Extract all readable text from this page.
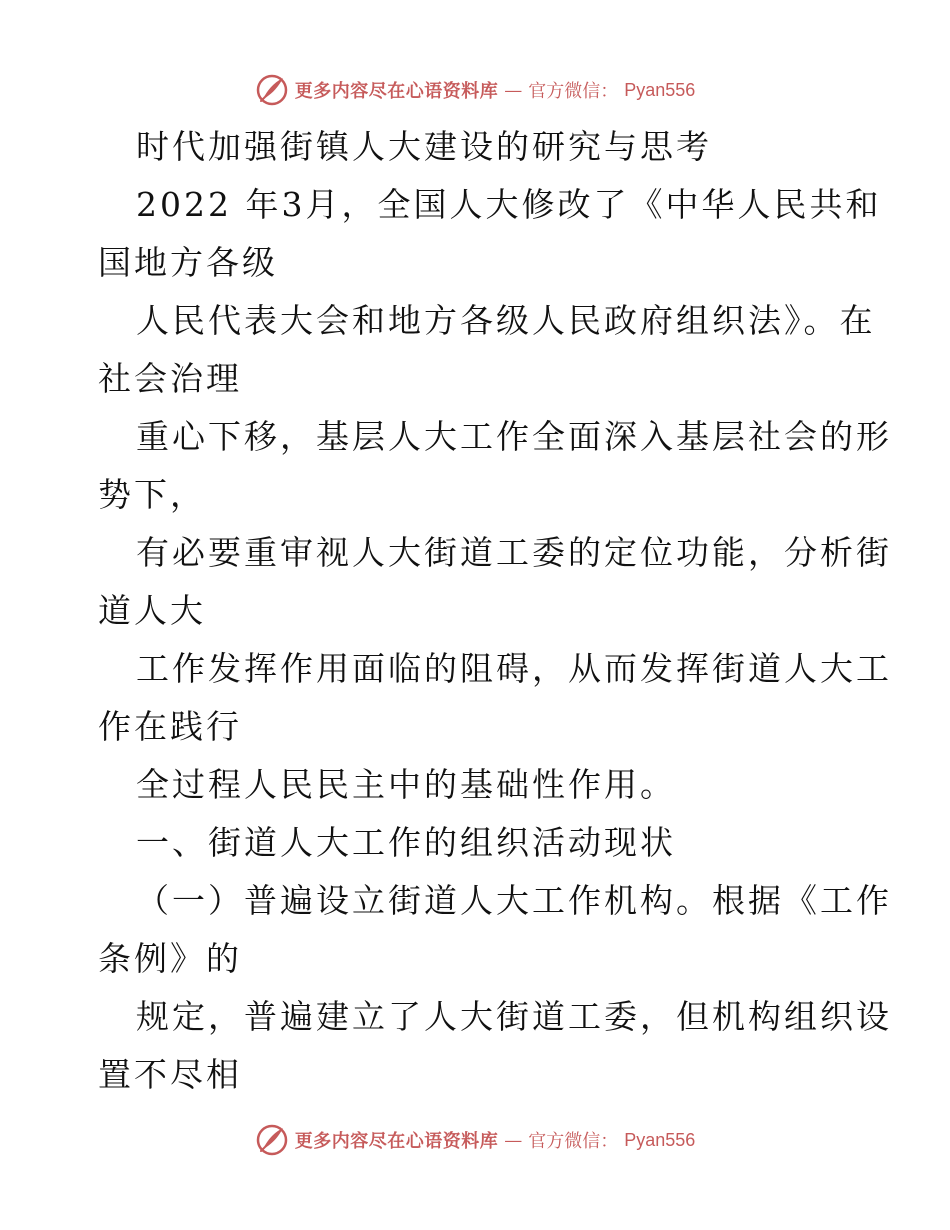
更多内容尽在心语资料库 — 官方微信： Pyan556
时代加强街镇人大建设的研究与思考
2022 年3月，全国人大修改了《中华人民共和
国地方各级
人民代表大会和地方各级人民政府组织法》。在
社会治理
重心下移，基层人大工作全面深入基层社会的形
势下，
有必要重审视人大街道工委的定位功能，分析街
道人大
工作发挥作用面临的阻碍，从而发挥街道人大工
作在践行
全过程人民民主中的基础性作用。
一、街道人大工作的组织活动现状
（一）普遍设立街道人大工作机构。根据《工作
条例》的
规定，普遍建立了人大街道工委，但机构组织设
置不尽相
更多内容尽在心语资料库 — 官方微信： Pyan556
